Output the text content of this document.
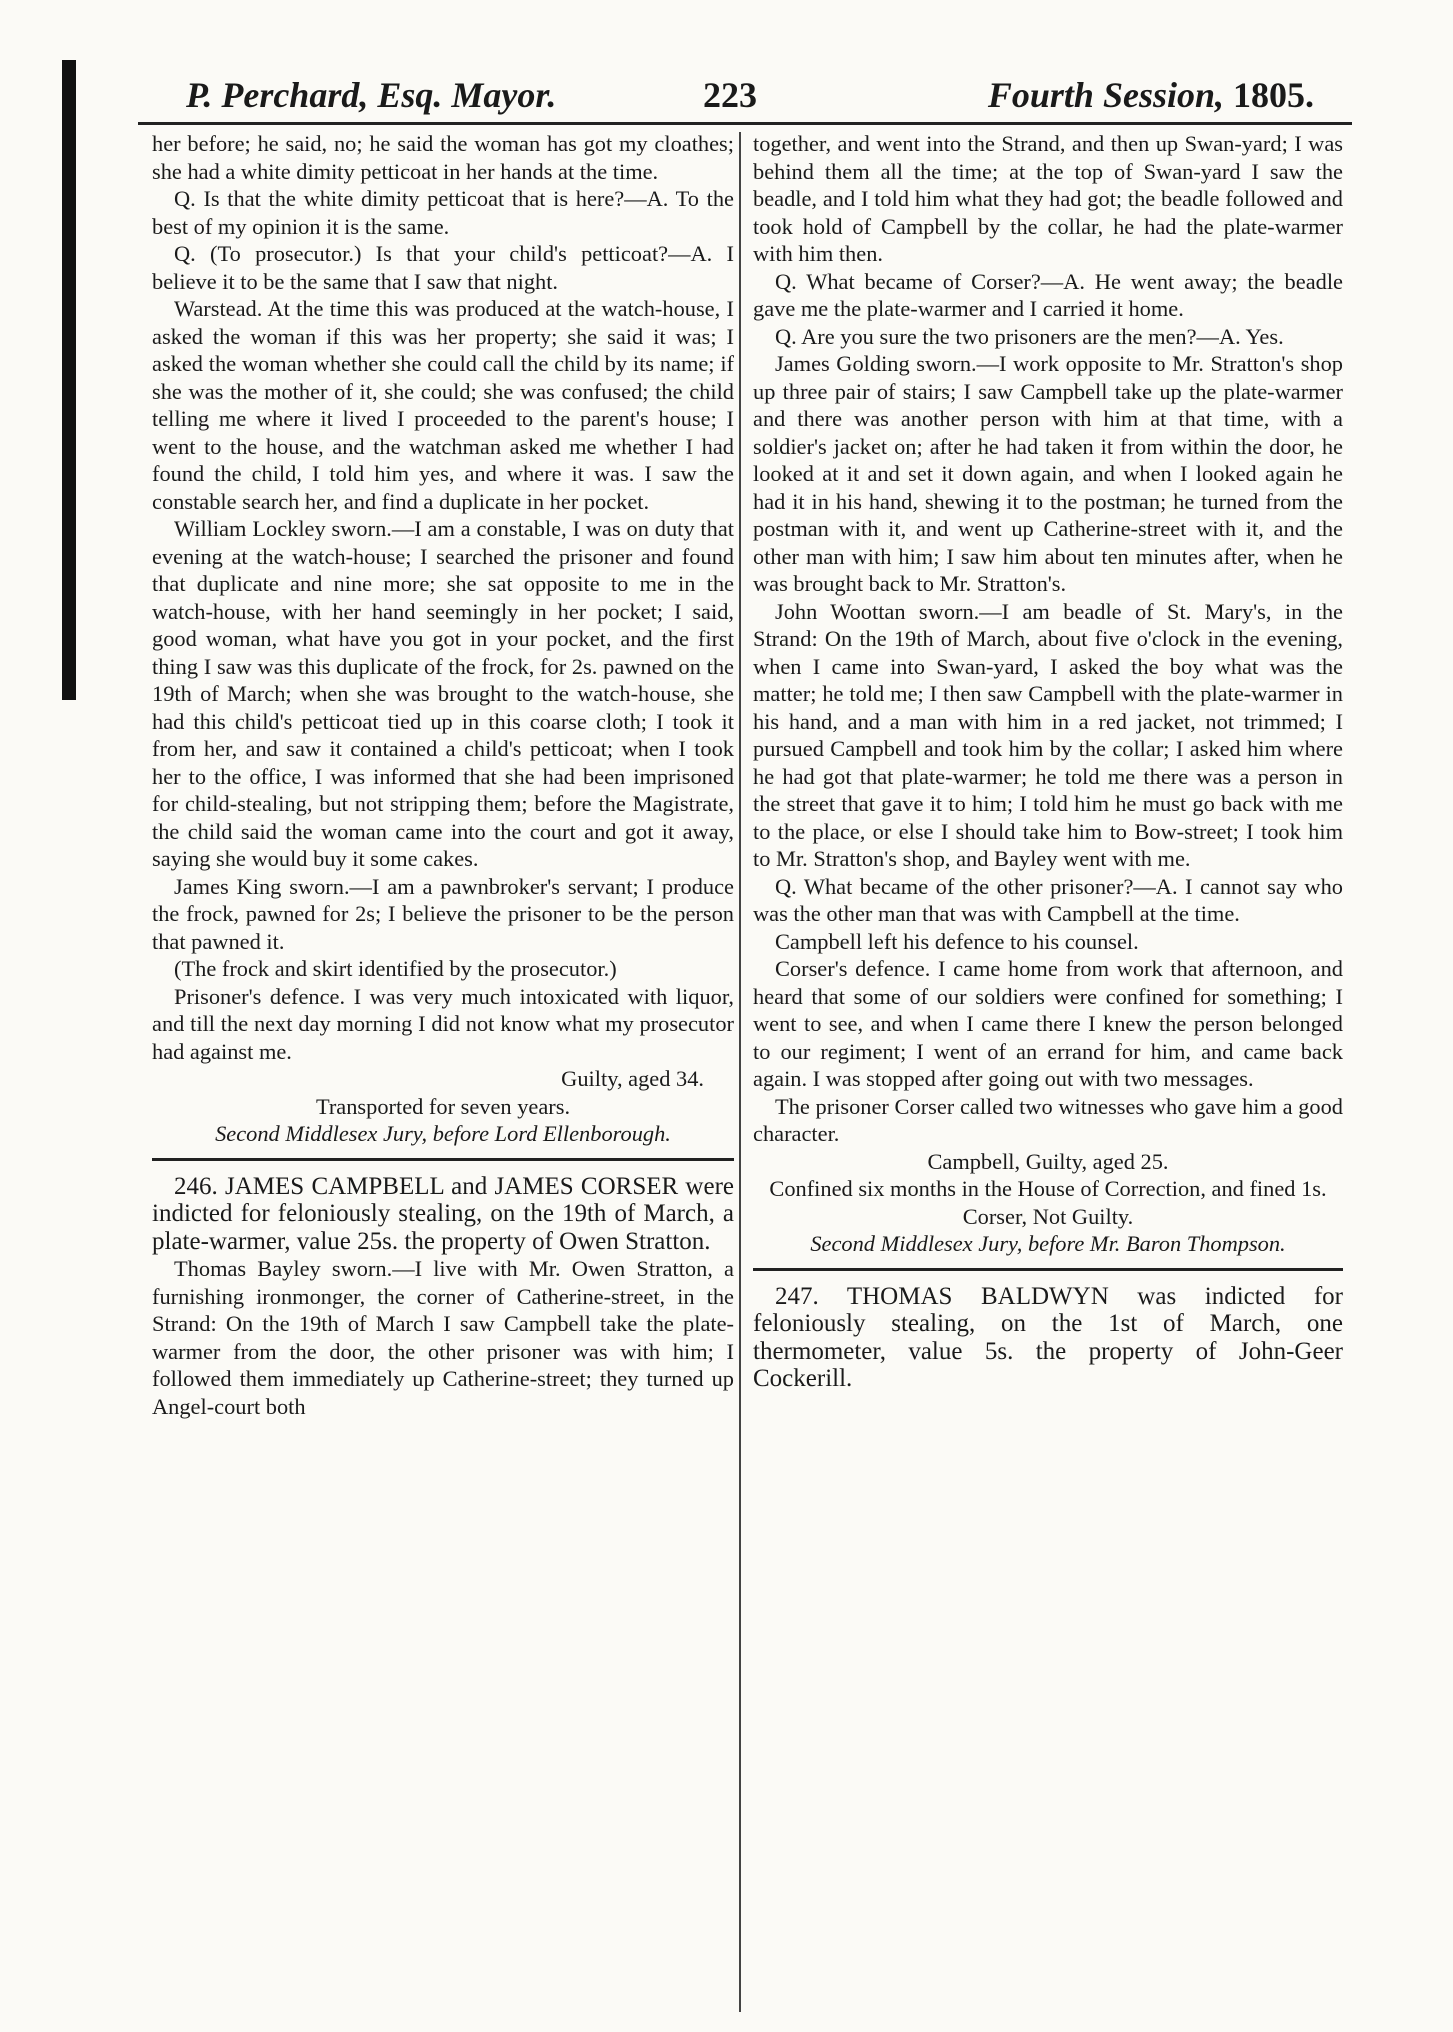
P. Perchard, Esq. Mayor.	223	Fourth Session, 1805.

her before; he said, no; he said the woman has got my cloathes; she had a white dimity petticoat in her hands at the time.

Q. Is that the white dimity petticoat that is here?—A. To the best of my opinion it is the same.

Q. (To prosecutor.) Is that your child's petticoat?—A. I believe it to be the same that I saw that night.

Warstead. At the time this was produced at the watch-house, I asked the woman if this was her property; she said it was; I asked the woman whether she could call the child by its name; if she was the mother of it, she could; she was confused; the child telling me where it lived I proceeded to the parent's house; I went to the house, and the watchman asked me whether I had found the child, I told him yes, and where it was. I saw the constable search her, and find a duplicate in her pocket.

William Lockley sworn.—I am a constable, I was on duty that evening at the watch-house; I searched the prisoner and found that duplicate and nine more; she sat opposite to me in the watch-house, with her hand seemingly in her pocket; I said, good woman, what have you got in your pocket, and the first thing I saw was this duplicate of the frock, for 2s. pawned on the 19th of March; when she was brought to the watch-house, she had this child's petticoat tied up in this coarse cloth; I took it from her, and saw it contained a child's petticoat; when I took her to the office, I was informed that she had been imprisoned for child-stealing, but not stripping them; before the Magistrate, the child said the woman came into the court and got it away, saying she would buy it some cakes.

James King sworn.—I am a pawnbroker's servant; I produce the frock, pawned for 2s; I believe the prisoner to be the person that pawned it.

(The frock and skirt identified by the prosecutor.)

Prisoner's defence. I was very much intoxicated with liquor, and till the next day morning I did not know what my prosecutor had against me.

Guilty, aged 34.

Transported for seven years.

Second Middlesex Jury, before Lord Ellenborough.

246. JAMES CAMPBELL and JAMES CORSER were indicted for feloniously stealing, on the 19th of March, a plate-warmer, value 25s. the property of Owen Stratton.

Thomas Bayley sworn.—I live with Mr. Owen Stratton, a furnishing ironmonger, the corner of Catherine-street, in the Strand: On the 19th of March I saw Campbell take the plate-warmer from the door, the other prisoner was with him; I followed them immediately up Catherine-street; they turned up Angel-court both

together, and went into the Strand, and then up Swan-yard; I was behind them all the time; at the top of Swan-yard I saw the beadle, and I told him what they had got; the beadle followed and took hold of Campbell by the collar, he had the plate-warmer with him then.

Q. What became of Corser?—A. He went away; the beadle gave me the plate-warmer and I carried it home.

Q. Are you sure the two prisoners are the men?—A. Yes.

James Golding sworn.—I work opposite to Mr. Stratton's shop up three pair of stairs; I saw Campbell take up the plate-warmer and there was another person with him at that time, with a soldier's jacket on; after he had taken it from within the door, he looked at it and set it down again, and when I looked again he had it in his hand, shewing it to the postman; he turned from the postman with it, and went up Catherine-street with it, and the other man with him; I saw him about ten minutes after, when he was brought back to Mr. Stratton's.

John Woottan sworn.—I am beadle of St. Mary's, in the Strand: On the 19th of March, about five o'clock in the evening, when I came into Swan-yard, I asked the boy what was the matter; he told me; I then saw Campbell with the plate-warmer in his hand, and a man with him in a red jacket, not trimmed; I pursued Campbell and took him by the collar; I asked him where he had got that plate-warmer; he told me there was a person in the street that gave it to him; I told him he must go back with me to the place, or else I should take him to Bow-street; I took him to Mr. Stratton's shop, and Bayley went with me.

Q. What became of the other prisoner?—A. I cannot say who was the other man that was with Campbell at the time.

Campbell left his defence to his counsel.

Corser's defence. I came home from work that afternoon, and heard that some of our soldiers were confined for something; I went to see, and when I came there I knew the person belonged to our regiment; I went of an errand for him, and came back again. I was stopped after going out with two messages.

The prisoner Corser called two witnesses who gave him a good character.

Campbell, Guilty, aged 25.

Confined six months in the House of Correction, and fined 1s.

Corser, Not Guilty.

Second Middlesex Jury, before Mr. Baron Thompson.

247. THOMAS BALDWYN was indicted for feloniously stealing, on the 1st of March, one thermometer, value 5s. the property of John-Geer Cockerill.
